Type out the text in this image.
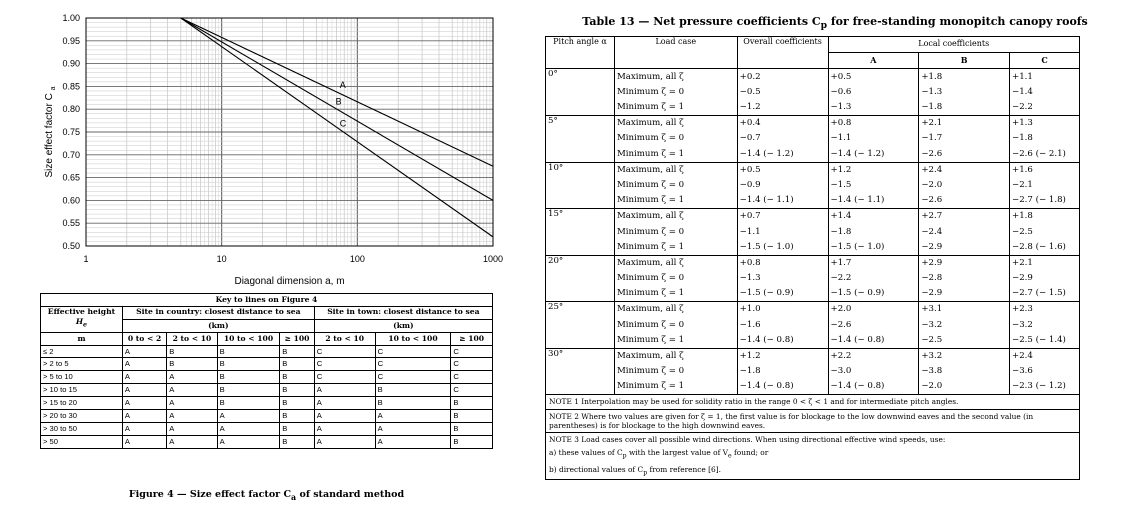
1.00
0.95
0.90
0.85
0.80
0.75
0.70
0.65
0.60
0.55
0.50
1	10	100	1000
Diagonal dimension a, m
Size effect factor C $_a$	A
B
C
Key to lines on Figure 4							
Effective height
$H_e$	Site in country: closest distance to sea				Site in town: closest distance to sea		
	(km)				(km)		
m	0 to < 2	2 to < 10	10 to < 100	≥ 100	2 to < 10	10 to < 100	≥ 100
≤ 2	A	B	B	B	C	C	C
> 2 to 5	A	B	B	B	C	C	C
> 5 to 10	A	A	B	B	C	C	C
> 10 to 15	A	A	B	B	A	B	C
> 15 to 20	A	A	B	B	A	B	B
> 20 to 30	A	A	A	B	A	A	B
> 30 to 50	A	A	A	B	A	A	B
> 50	A	A	A	B	A	A	B
Figure 4 — Size effect factor $C_a$ of standard method
Table 13 — Net pressure coefficients $C_p$ for free-standing monopitch canopy roofs
Pitch angle α	Load case	Overall coefficients	Local coefficients		
			A	B	C
0°	Maximum, all ζ	+0.2	+0.5	+1.8	+1.1
	Minimum ζ = 0	−0.5	−0.6	−1.3	−1.4
	Minimum ζ = 1	−1.2	−1.3	−1.8	−2.2
5°	Maximum, all ζ	+0.4	+0.8	+2.1	+1.3
	Minimum ζ = 0	−0.7	−1.1	−1.7	−1.8
	Minimum ζ = 1	−1.4 (− 1.2)	−1.4 (− 1.2)	−2.6	−2.6 (− 2.1)
10°	Maximum, all ζ	+0.5	+1.2	+2.4	+1.6
	Minimum ζ = 0	−0.9	−1.5	−2.0	−2.1
	Minimum ζ = 1	−1.4 (− 1.1)	−1.4 (− 1.1)	−2.6	−2.7 (− 1.8)
15°	Maximum, all ζ	+0.7	+1.4	+2.7	+1.8
	Minimum ζ = 0	−1.1	−1.8	−2.4	−2.5
	Minimum ζ = 1	−1.5 (− 1.0)	−1.5 (− 1.0)	−2.9	−2.8 (− 1.6)
20°	Maximum, all ζ	+0.8	+1.7	+2.9	+2.1
	Minimum ζ = 0	−1.3	−2.2	−2.8	−2.9
	Minimum ζ = 1	−1.5 (− 0.9)	−1.5 (− 0.9)	−2.9	−2.7 (− 1.5)
25°	Maximum, all ζ	+1.0	+2.0	+3.1	+2.3
	Minimum ζ = 0	−1.6	−2.6	−3.2	−3.2
	Minimum ζ = 1	−1.4 (− 0.8)	−1.4 (− 0.8)	−2.5	−2.5 (− 1.4)
30°	Maximum, all ζ	+1.2	+2.2	+3.2	+2.4
	Minimum ζ = 0	−1.8	−3.0	−3.8	−3.6
	Minimum ζ = 1	−1.4 (− 0.8)	−1.4 (− 0.8)	−2.0	−2.3 (− 1.2)
NOTE 1 Interpolation may be used for solidity ratio in the range 0 < ζ < 1 and for intermediate pitch angles.					
NOTE 2 Where two values are given for ζ = 1, the first value is for blockage to the low downwind eaves and the second value (in parentheses) is for blockage to the high downwind eaves.					

NOTE 3 Load cases cover all possible wind directions. When using directional effective wind speeds, use:
a) these values of $C_p$ with the largest value of $V_e$ found; or
b) directional values of $C_p$ from reference [6].					
